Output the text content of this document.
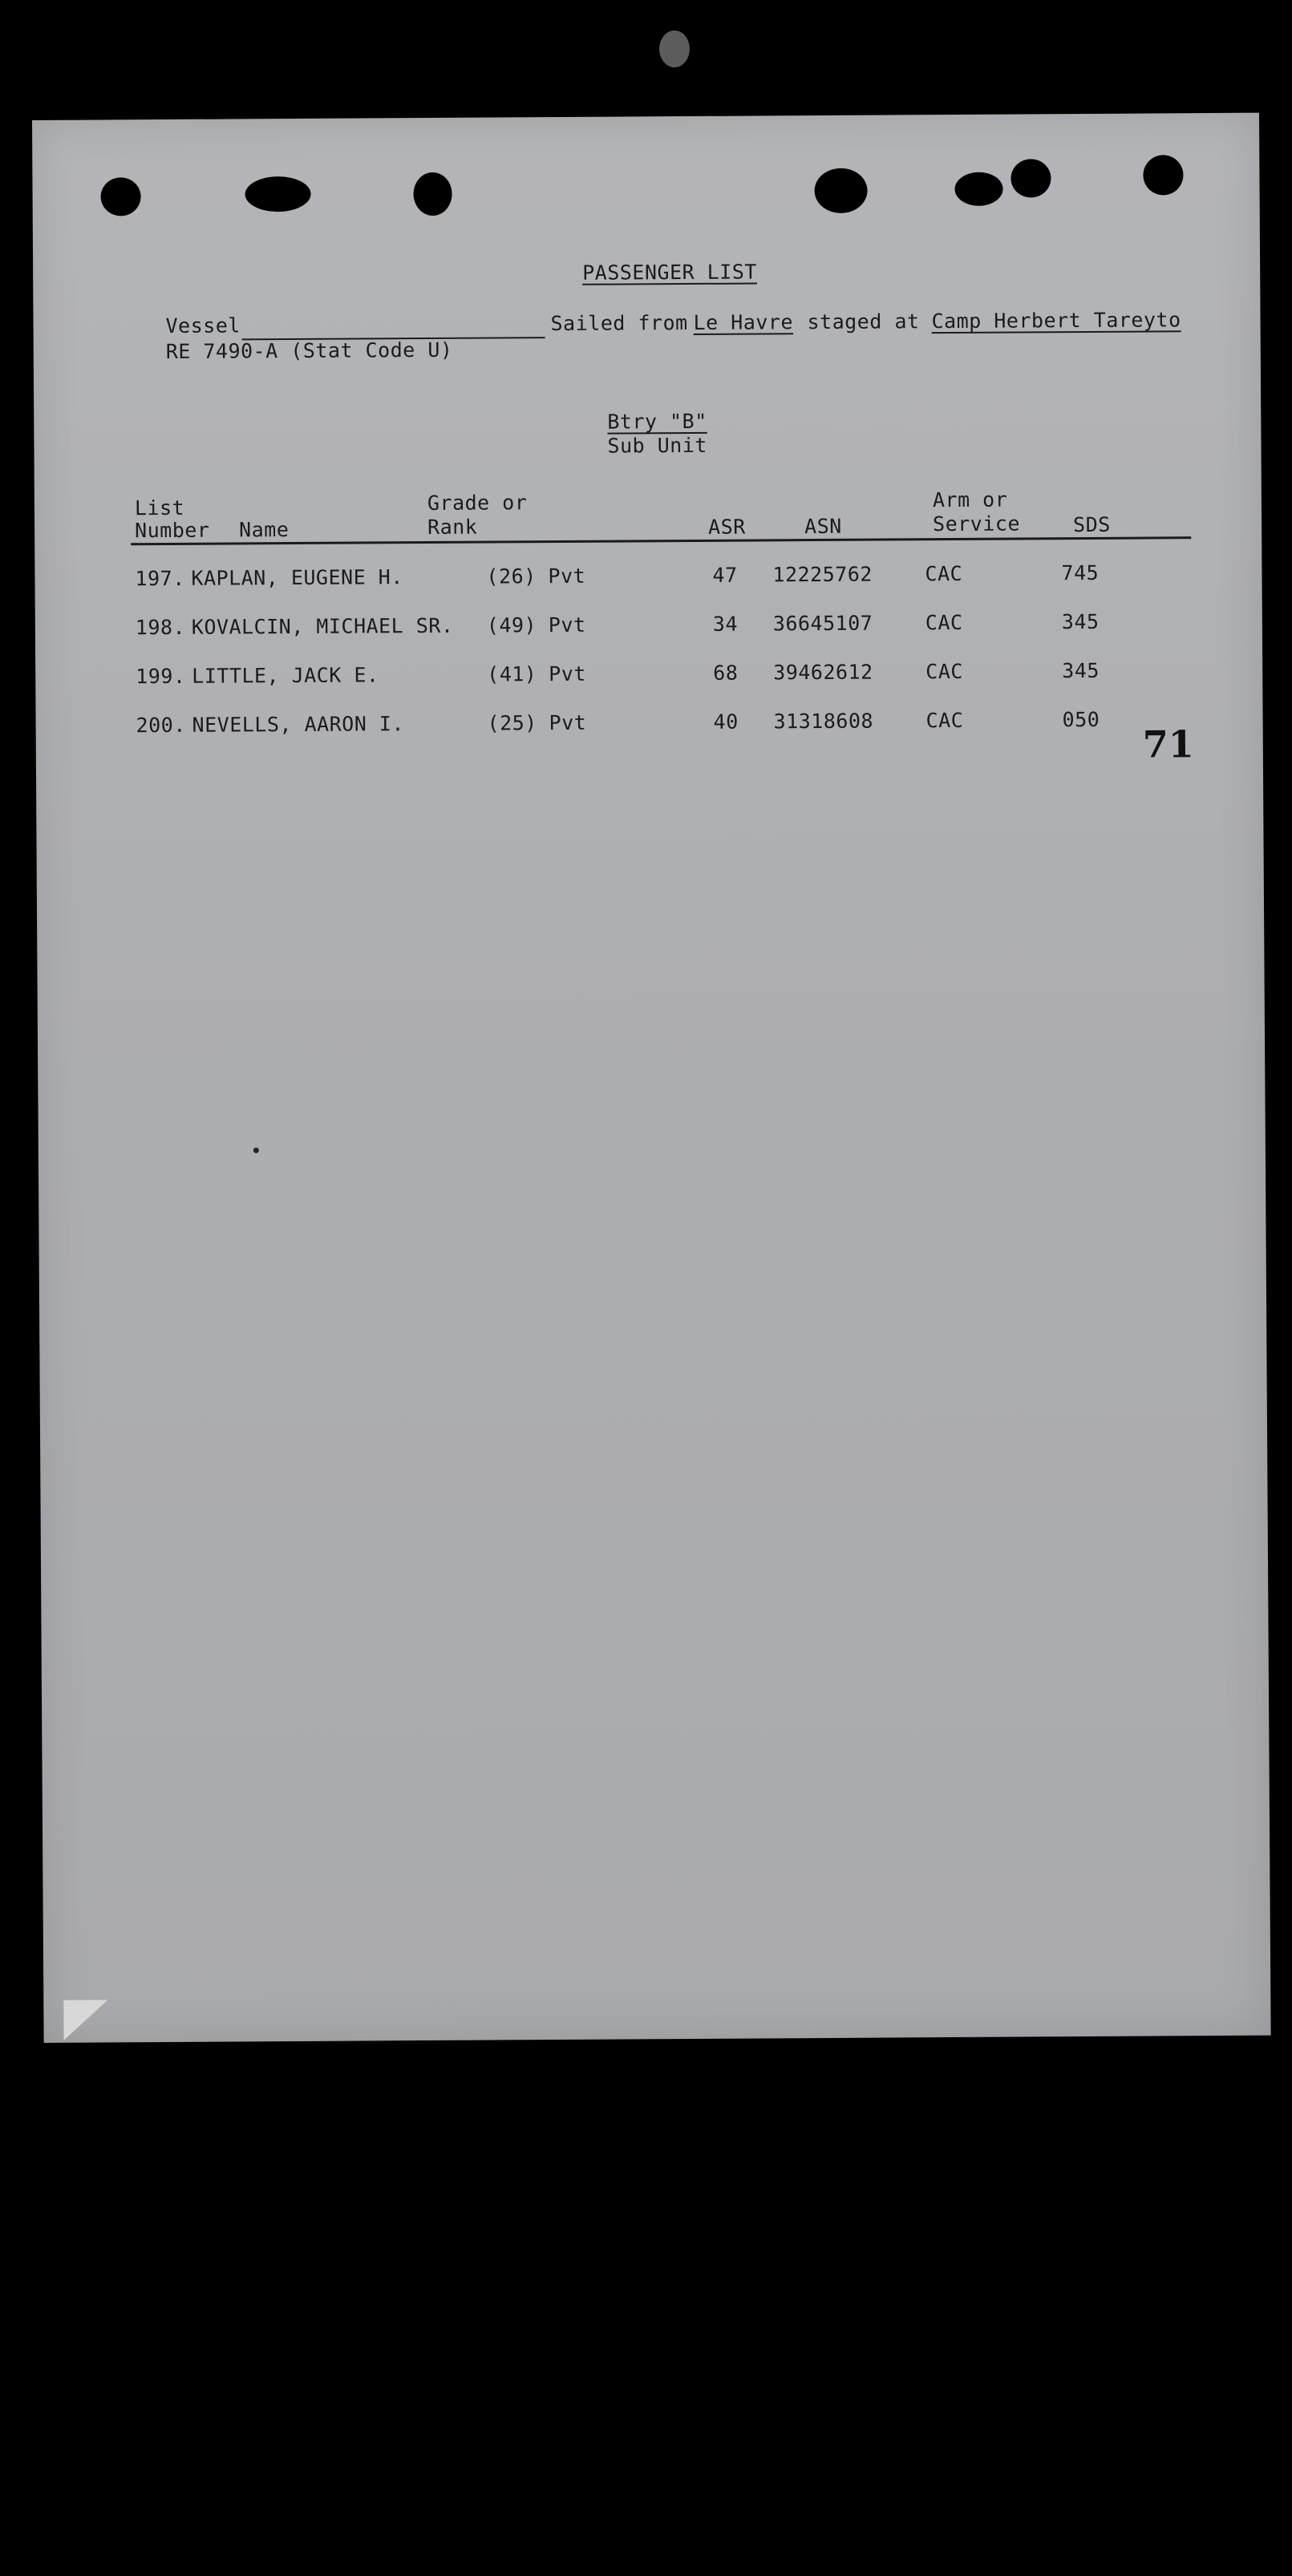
PASSENGER LIST
Vessel	Sailed from Le Havre staged at Camp Herbert Tareyto
RE 7490-A (Stat Code U)
Btry "B"
Sub Unit
List
Number Name
Grade or
Rank	ASR	ASN
Arm or
Service	SDS
197. KAPLAN, EUGENE H.	(26) Pvt	47 12225762	CAC	745
198. KOVALCIN, MICHAEL SR. (49) Pvt	34 36645107	CAC	345
199. LITTLE, JACK E.	(41) Pvt	68 39462612	CAC	345
200. NEVELLS, AARON I.	(25) Pvt	40 31318608	CAC	050
71
